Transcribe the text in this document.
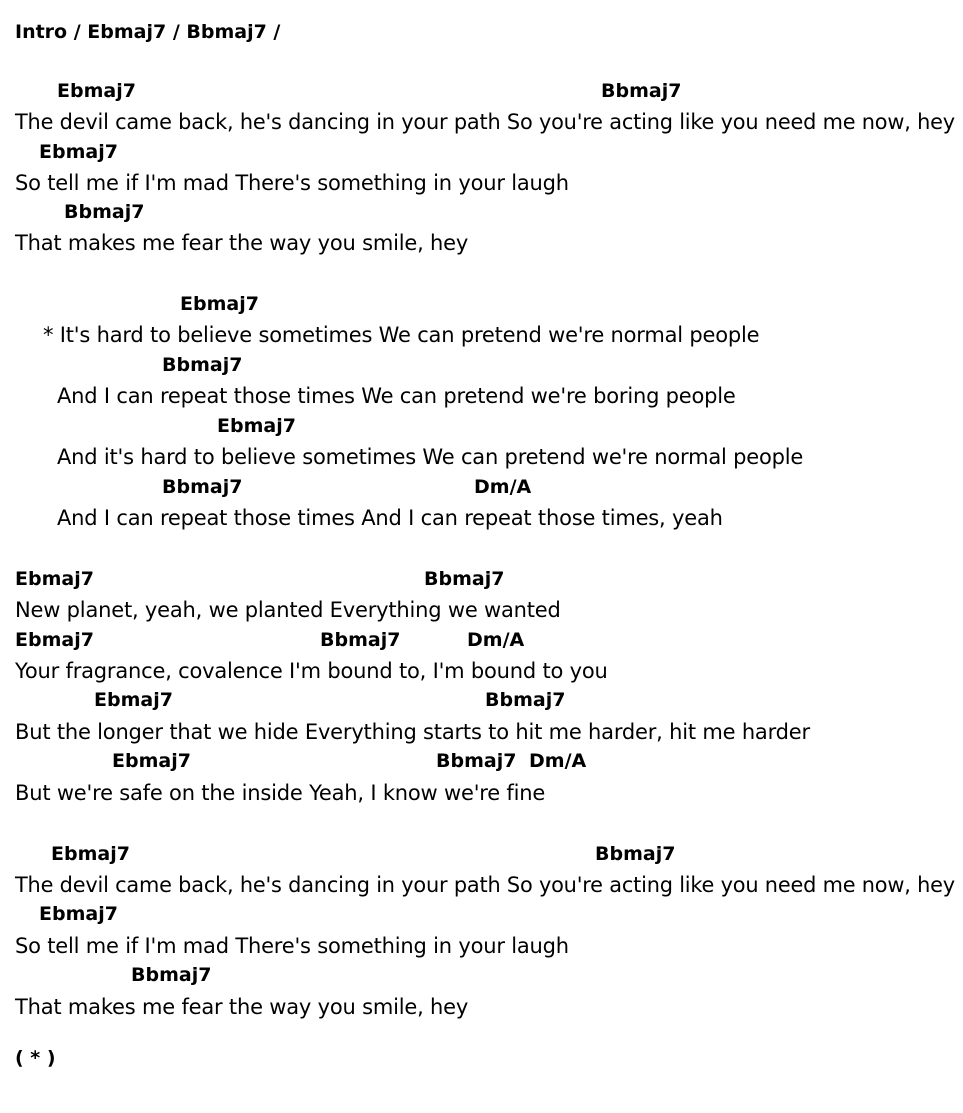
Intro / Ebmaj7 / Bbmaj7 /
Ebmaj7	Bbmaj7
The devil came back, he's dancing in your path So you're acting like you need me now, hey
Ebmaj7
So tell me if I'm mad There's something in your laugh
Bbmaj7
That makes me fear the way you smile, hey
Ebmaj7
* It's hard to believe sometimes We can pretend we're normal people
Bbmaj7
And I can repeat those times We can pretend we're boring people
Ebmaj7
And it's hard to believe sometimes We can pretend we're normal people
Bbmaj7	Dm/A
And I can repeat those times And I can repeat those times, yeah
Ebmaj7	Bbmaj7
New planet, yeah, we planted Everything we wanted
Ebmaj7	Bbmaj7	Dm/A
Your fragrance, covalence I'm bound to, I'm bound to you
Ebmaj7	Bbmaj7
But the longer that we hide Everything starts to hit me harder, hit me harder
Ebmaj7	Bbmaj7 Dm/A
But we're safe on the inside Yeah, I know we're fine
Ebmaj7	Bbmaj7
The devil came back, he's dancing in your path So you're acting like you need me now, hey
Ebmaj7
So tell me if I'm mad There's something in your laugh
Bbmaj7
That makes me fear the way you smile, hey
( * )
